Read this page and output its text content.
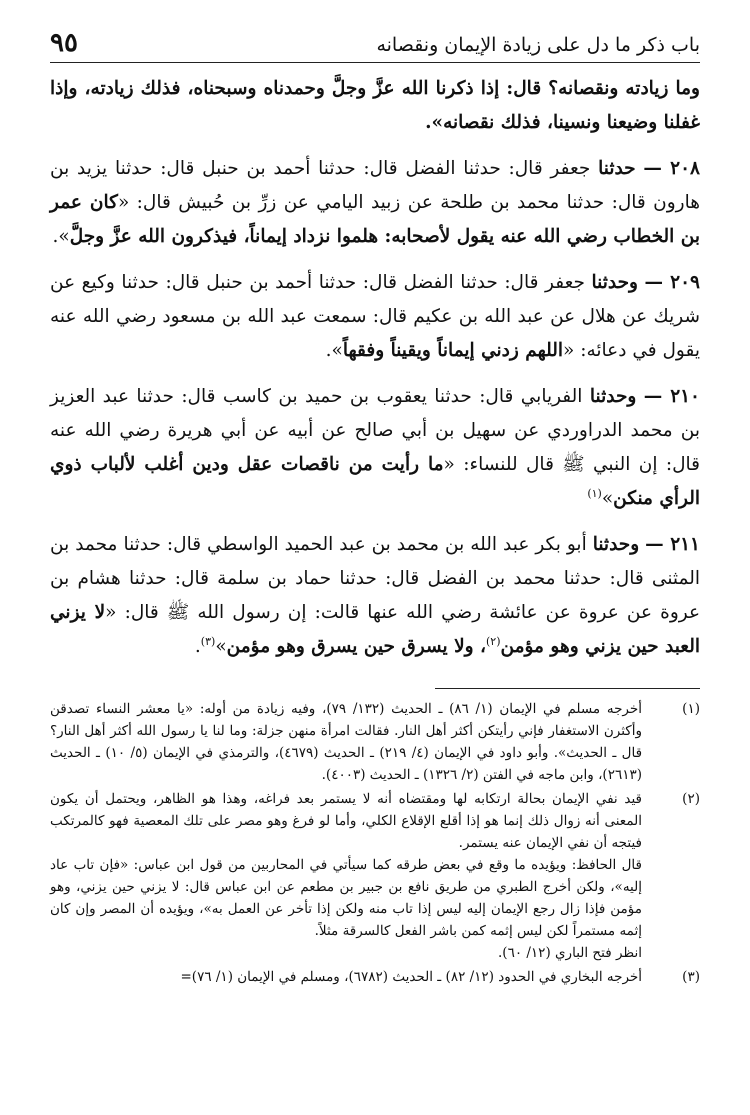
باب ذكر ما دل على زيادة الإيمان ونقصانه
٩٥

وما زيادته ونقصانه؟ قال: إذا ذكرنا الله عزَّ وجلَّ وحمدناه وسبحناه، فذلك زيادته، وإذا غفلنا وضيعنا ونسينا، فذلك نقصانه».

٢٠٨ — حدثنا جعفر قال: حدثنا الفضل قال: حدثنا أحمد بن حنبل قال: حدثنا يزيد بن هارون قال: حدثنا محمد بن طلحة عن زبيد اليامي عن زرِّ بن حُبيش قال: «كان عمر بن الخطاب رضي الله عنه يقول لأصحابه: هلموا نزداد إيماناً، فيذكرون الله عزَّ وجلَّ».

٢٠٩ — وحدثنا جعفر قال: حدثنا الفضل قال: حدثنا أحمد بن حنبل قال: حدثنا وكيع عن شريك عن هلال عن عبد الله بن عكيم قال: سمعت عبد الله بن مسعود رضي الله عنه يقول في دعائه: «اللهم زدني إيماناً ويقيناً وفقهاً».

٢١٠ — وحدثنا الفريابي قال: حدثنا يعقوب بن حميد بن كاسب قال: حدثنا عبد العزيز بن محمد الدراوردي عن سهيل بن أبي صالح عن أبيه عن أبي هريرة رضي الله عنه قال: إن النبي ﷺ قال للنساء: «ما رأيت من ناقصات عقل ودين أغلب لألباب ذوي الرأي منكن»$^{(١)}$

٢١١ — وحدثنا أبو بكر عبد الله بن محمد بن عبد الحميد الواسطي قال: حدثنا محمد بن المثنى قال: حدثنا محمد بن الفضل قال: حدثنا حماد بن سلمة قال: حدثنا هشام بن عروة عن عروة عن عائشة رضي الله عنها قالت: إن رسول الله ﷺ قال: «لا يزني العبد حين يزني وهو مؤمن$^{(٢)}$، ولا يسرق حين يسرق وهو مؤمن»$^{(٣)}$.

(١)
أخرجه مسلم في الإيمان (١/ ٨٦) ـ الحديث (١٣٢/ ٧٩)، وفيه زيادة من أوله: «يا معشر النساء تصدقن وأكثرن الاستغفار فإني رأيتكن أكثر أهل النار. فقالت امرأة منهن جزلة: وما لنا يا رسول الله أكثر أهل النار؟ قال ـ الحديث». وأبو داود في الإيمان (٤/ ٢١٩) ـ الحديث (٤٦٧٩)، والترمذي في الإيمان (٥/ ١٠) ـ الحديث (٢٦١٣)، وابن ماجه في الفتن (٢/ ١٣٢٦) ـ الحديث (٤٠٠٣).
(٢)
قيد نفي الإيمان بحالة ارتكابه لها ومقتضاه أنه لا يستمر بعد فراغه، وهذا هو الظاهر، ويحتمل أن يكون المعنى أنه زوال ذلك إنما هو إذا أقلع الإقلاع الكلي، وأما لو فرغ وهو مصر على تلك المعصية فهو كالمرتكب فيتجه أن نفي الإيمان عنه يستمر.
قال الحافظ: ويؤيده ما وقع في بعض طرقه كما سيأتي في المحاربين من قول ابن عباس: «فإن تاب عاد إليه»، ولكن أخرج الطبري من طريق نافع بن جبير بن مطعم عن ابن عباس قال: لا يزني حين يزني، وهو مؤمن فإذا زال رجع الإيمان إليه ليس إذا تاب منه ولكن إذا تأخر عن العمل به»، ويؤيده أن المصر وإن كان إثمه مستمراً لكن ليس إثمه كمن باشر الفعل كالسرقة مثلاً.
انظر فتح الباري (١٢/ ٦٠).
(٣)
أخرجه البخاري في الحدود (١٢/ ٨٢) ـ الحديث (٦٧٨٢)، ومسلم في الإيمان (١/ ٧٦)=
